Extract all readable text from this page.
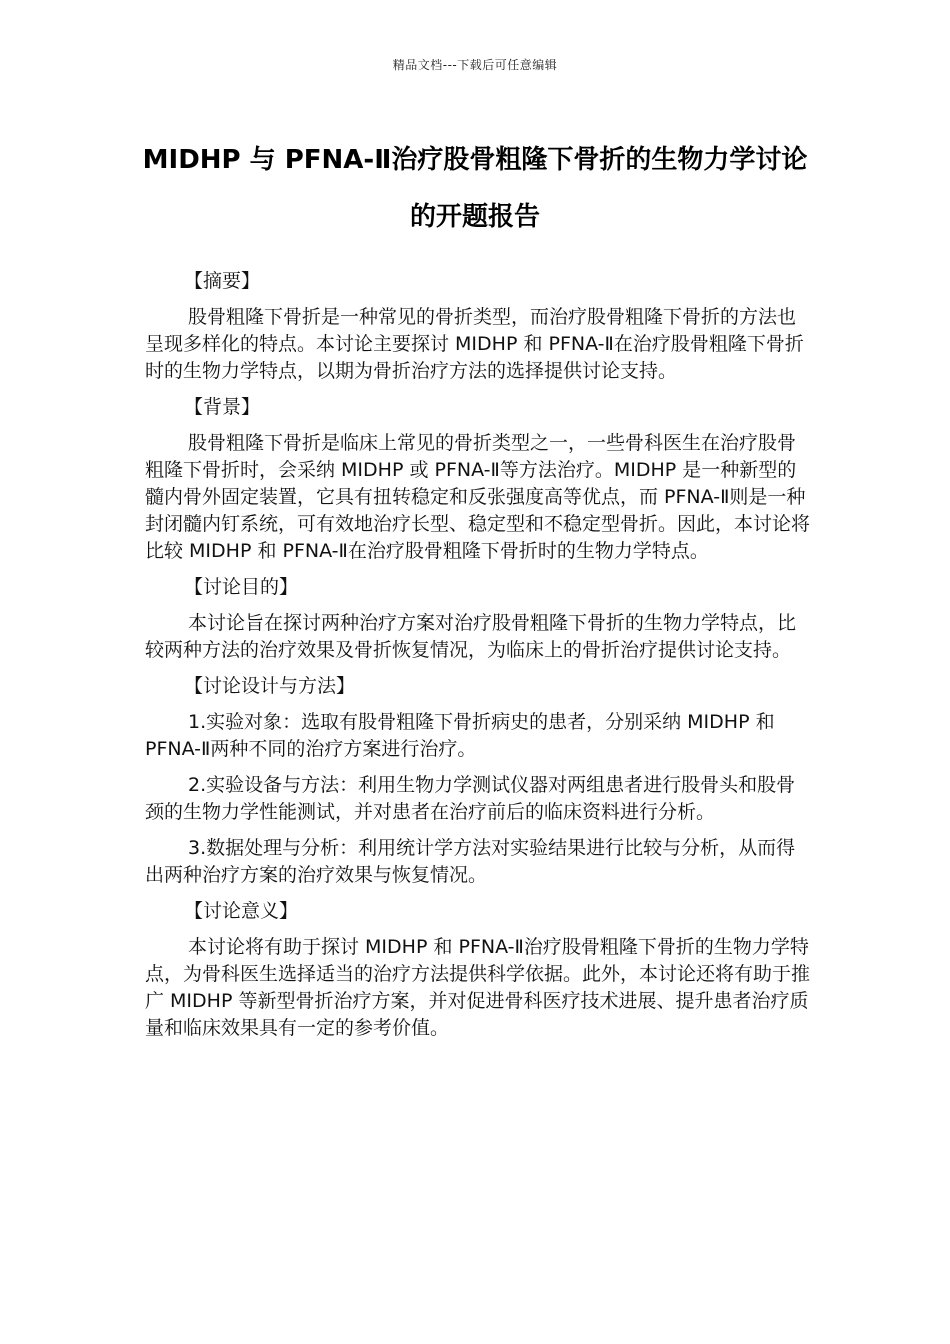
精品文档---下载后可任意编辑
MIDHP 与 PFNA-Ⅱ治疗股骨粗隆下骨折的生物力学讨论的开题报告

【摘要】

股骨粗隆下骨折是一种常见的骨折类型，而治疗股骨粗隆下骨折的方法也呈现多样化的特点。本讨论主要探讨 MIDHP 和 PFNA-Ⅱ在治疗股骨粗隆下骨折时的生物力学特点，以期为骨折治疗方法的选择提供讨论支持。

【背景】

股骨粗隆下骨折是临床上常见的骨折类型之一，一些骨科医生在治疗股骨粗隆下骨折时，会采纳 MIDHP 或 PFNA-Ⅱ等方法治疗。MIDHP 是一种新型的髓内骨外固定装置，它具有扭转稳定和反张强度高等优点，而 PFNA-Ⅱ则是一种封闭髓内钉系统，可有效地治疗长型、稳定型和不稳定型骨折。因此，本讨论将比较 MIDHP 和 PFNA-Ⅱ在治疗股骨粗隆下骨折时的生物力学特点。

【讨论目的】

本讨论旨在探讨两种治疗方案对治疗股骨粗隆下骨折的生物力学特点，比较两种方法的治疗效果及骨折恢复情况，为临床上的骨折治疗提供讨论支持。

【讨论设计与方法】

1.实验对象：选取有股骨粗隆下骨折病史的患者，分别采纳 MIDHP 和 PFNA-Ⅱ两种不同的治疗方案进行治疗。

2.实验设备与方法：利用生物力学测试仪器对两组患者进行股骨头和股骨颈的生物力学性能测试，并对患者在治疗前后的临床资料进行分析。

3.数据处理与分析：利用统计学方法对实验结果进行比较与分析，从而得出两种治疗方案的治疗效果与恢复情况。

【讨论意义】

本讨论将有助于探讨 MIDHP 和 PFNA-Ⅱ治疗股骨粗隆下骨折的生物力学特点，为骨科医生选择适当的治疗方法提供科学依据。此外，本讨论还将有助于推广 MIDHP 等新型骨折治疗方案，并对促进骨科医疗技术进展、提升患者治疗质量和临床效果具有一定的参考价值。
